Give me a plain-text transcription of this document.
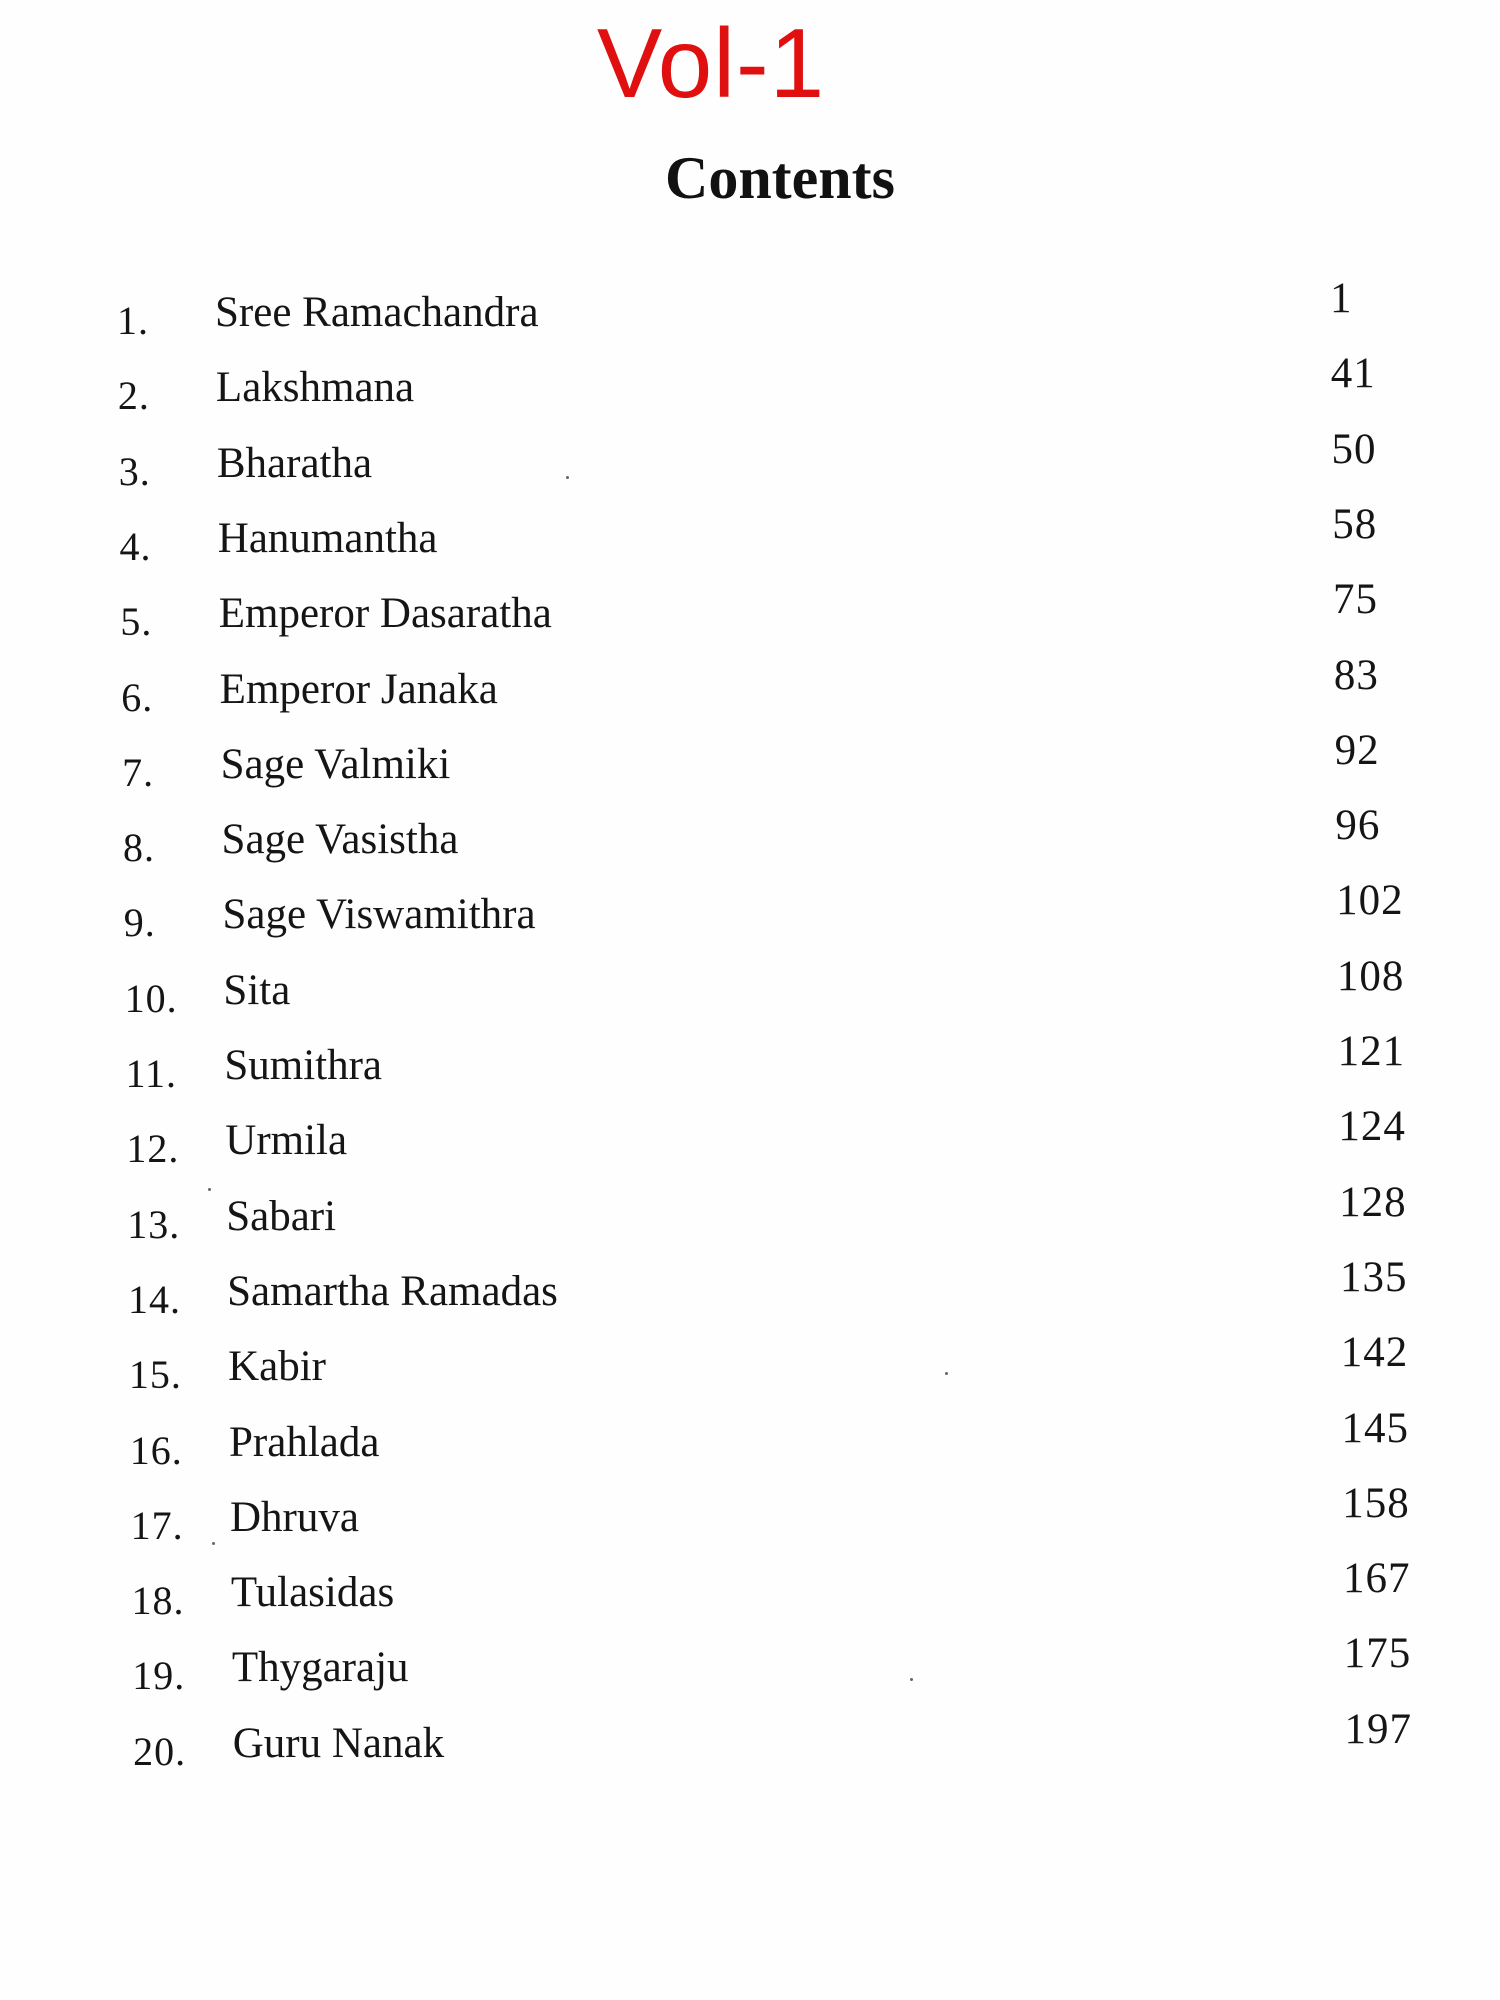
Vol-1
Contents
1. Sree Ramachandra	1
2. Lakshmana	41
3. Bharatha	50
4. Hanumantha	58
5. Emperor Dasaratha	75
6. Emperor Janaka	83
7. Sage Valmiki	92
8. Sage Vasistha	96
9. Sage Viswamithra	102
10. Sita	108
11. Sumithra	121
12. Urmila	124
13. Sabari	128
14. Samartha Ramadas	135
15. Kabir	142
16. Prahlada	145
17. Dhruva	158
18. Tulasidas	167
19. Thygaraju	175
20. Guru Nanak	197
